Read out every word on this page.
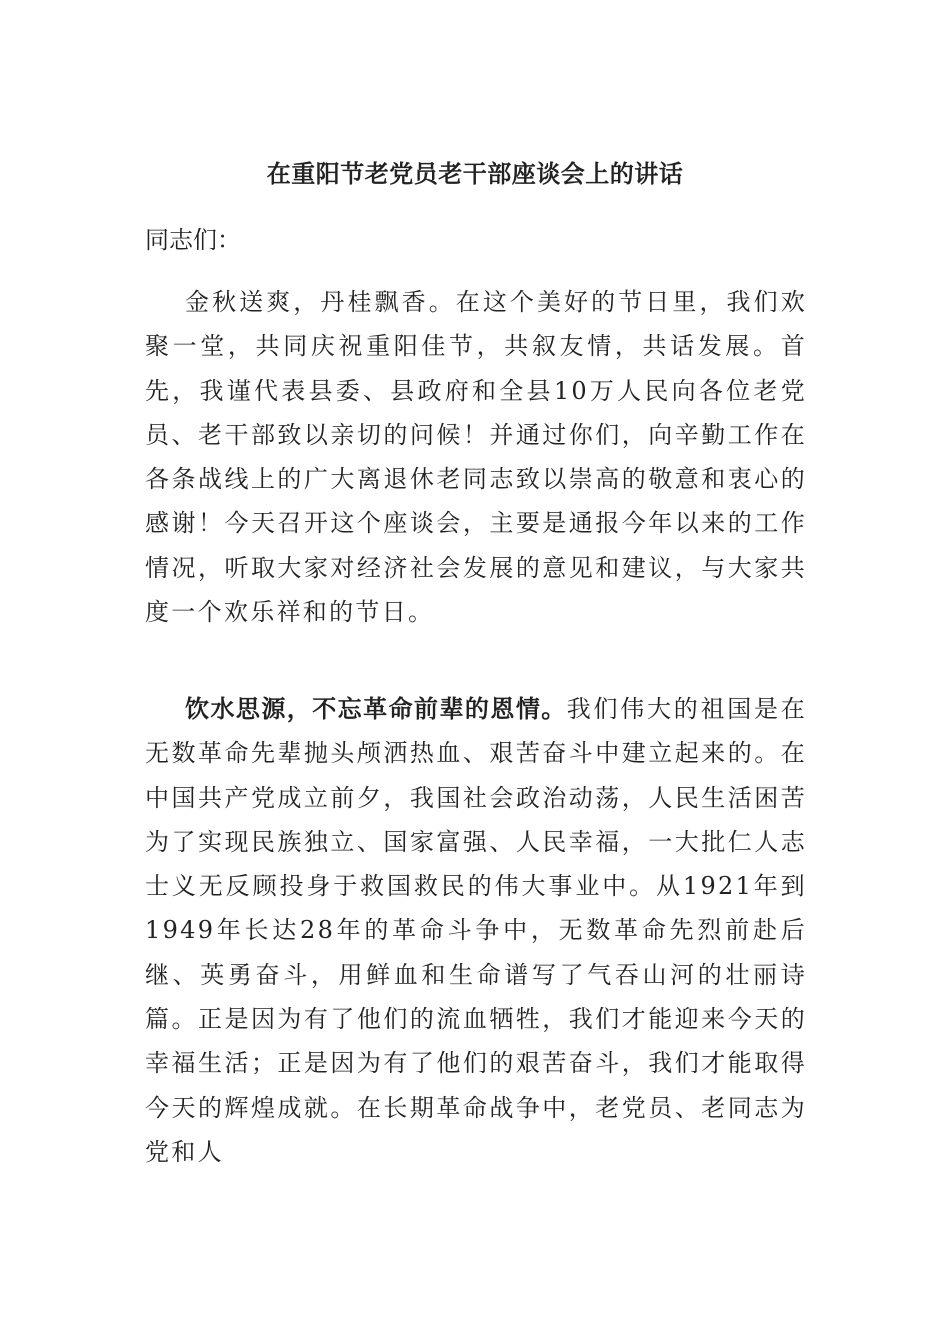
在重阳节老党员老干部座谈会上的讲话

同志们：

金秋送爽，丹桂飘香。在这个美好的节日里，我们欢聚一堂，共同庆祝重阳佳节，共叙友情，共话发展。首先，我谨代表县委、县政府和全县10万人民向各位老党员、老干部致以亲切的问候！并通过你们，向辛勤工作在各条战线上的广大离退休老同志致以崇高的敬意和衷心的感谢！今天召开这个座谈会，主要是通报今年以来的工作情况，听取大家对经济社会发展的意见和建议，与大家共度一个欢乐祥和的节日。

饮水思源，不忘革命前辈的恩情。我们伟大的祖国是在无数革命先辈抛头颅洒热血、艰苦奋斗中建立起来的。在中国共产党成立前夕，我国社会政治动荡，人民生活困苦为了实现民族独立、国家富强、人民幸福，一大批仁人志士义无反顾投身于救国救民的伟大事业中。从1921年到1949年长达28年的革命斗争中，无数革命先烈前赴后继、英勇奋斗，用鲜血和生命谱写了气吞山河的壮丽诗篇。正是因为有了他们的流血牺牲，我们才能迎来今天的幸福生活；正是因为有了他们的艰苦奋斗，我们才能取得今天的辉煌成就。在长期革命战争中，老党员、老同志为党和人
